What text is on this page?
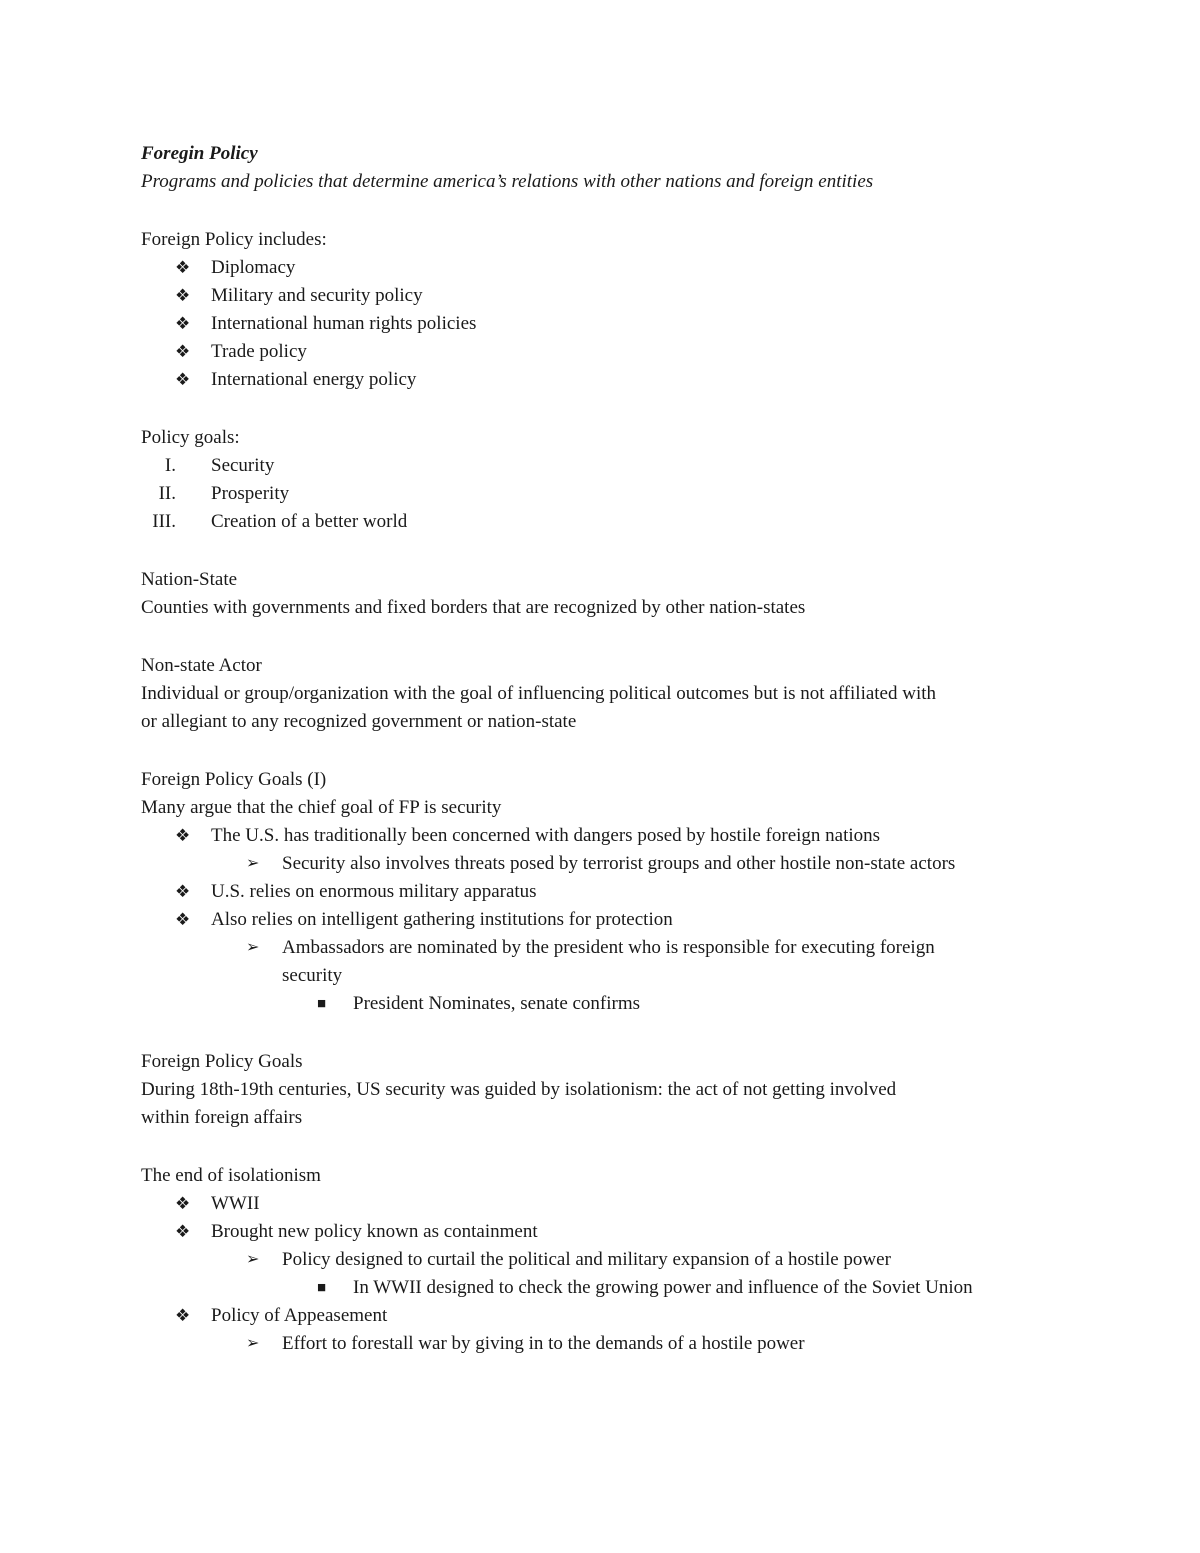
Foregin Policy
Programs and policies that determine america’s relations with other nations and foreign entities
Foreign Policy includes:
❖ Diplomacy
❖ Military and security policy
❖ International human rights policies
❖ Trade policy
❖ International energy policy
Policy goals:
I. Security
II. Prosperity
III. Creation of a better world
Nation-State
Counties with governments and fixed borders that are recognized by other nation-states
Non-state Actor
Individual or group/organization with the goal of influencing political outcomes but is not affiliated with
or allegiant to any recognized government or nation-state
Foreign Policy Goals (I)
Many argue that the chief goal of FP is security
❖ The U.S. has traditionally been concerned with dangers posed by hostile foreign nations
➢ Security also involves threats posed by terrorist groups and other hostile non-state actors
❖ U.S. relies on enormous military apparatus
❖ Also relies on intelligent gathering institutions for protection
➢ Ambassadors are nominated by the president who is responsible for executing foreign
security
■ President Nominates, senate confirms
Foreign Policy Goals
During 18th-19th centuries, US security was guided by isolationism: the act of not getting involved
within foreign affairs
The end of isolationism
❖ WWII
❖ Brought new policy known as containment
➢ Policy designed to curtail the political and military expansion of a hostile power
■ In WWII designed to check the growing power and influence of the Soviet Union
❖ Policy of Appeasement
➢ Effort to forestall war by giving in to the demands of a hostile power
